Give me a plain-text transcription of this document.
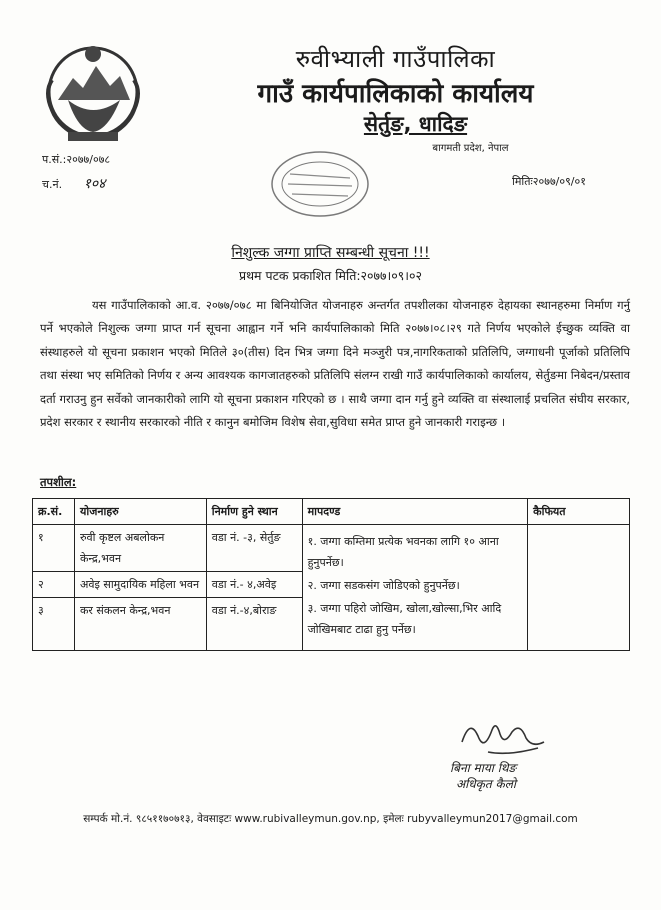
रुवीभ्याली गाउँपालिका
गाउँ कार्यपालिकाको कार्यालय
सेर्तुङ, धादिङ
बागमती प्रदेश, नेपाल
प.सं.:२०७७/०७८
च.नं. १०४	मितिः२०७७/०९/०१
निशुल्क जग्गा प्राप्ति सम्बन्धी सूचना !!!
प्रथम पटक प्रकाशित मिति:२०७७।०९।०२
यस गाउँपालिकाको आ.व. २०७७/०७८ मा बिनियोजित योजनाहरु अन्तर्गत तपशीलका योजनाहरु देहायका स्थानहरुमा निर्माण गर्नु पर्ने भएकोले निशुल्क जग्गा प्राप्त गर्न सूचना आह्वान गर्ने भनि कार्यपालिकाको मिति २०७७।०८।२९ गते निर्णय भएकोले ईच्छुक व्यक्ति वा संस्थाहरुले यो सूचना प्रकाशन भएको मितिले ३०(तीस) दिन भित्र जग्गा दिने मञ्जुरी पत्र,नागरिकताको प्रतिलिपि, जग्गाधनी पूर्जाको प्रतिलिपि तथा संस्था भए समितिको निर्णय र अन्य आवश्यक कागजातहरुको प्रतिलिपि संलग्न राखी गाउँ कार्यपालिकाको कार्यालय, सेर्तुङमा निबेदन/प्रस्ताव दर्ता गराउनु हुन सर्वेको जानकारीको लागि यो सूचना प्रकाशन गरिएको छ । साथै जग्गा दान गर्नु हुने व्यक्ति वा संस्थालाई प्रचलित संघीय सरकार, प्रदेश सरकार र स्थानीय सरकारको नीति र कानुन बमोजिम विशेष सेवा,सुविधा समेत प्राप्त हुने जानकारी गराइन्छ ।
तपशील:
क्र.सं.	योजनाहरु	निर्माण हुने स्थान	मापदण्ड	कैफियत
१	रुवी कृष्टल अबलोकन केन्द्र,भवन	वडा नं. -३, सेर्तुङ	१. जग्गा कम्तिमा प्रत्येक भवनका लागि १० आना हुनुपर्नेछ।
२. जग्गा सडकसंग जोडिएको हुनुपर्नेछ।
३. जग्गा पहिरो जोखिम, खोला,खोल्सा,भिर आदि जोखिमबाट टाढा हुनु पर्नेछ।	

२	अवेइ सामुदायिक महिला भवन	वडा नं.- ४,अवेइ		
३	कर संकलन केन्द्र,भवन	वडा नं.-४,बोराङ		
बिना माया थिङ
अधिकृत कैलो
सम्पर्क मो.नं. ९८५११७०७१३, वेवसाइटः www.rubivalleymun.gov.np, इमेलः rubyvalleymun2017@gmail.com
